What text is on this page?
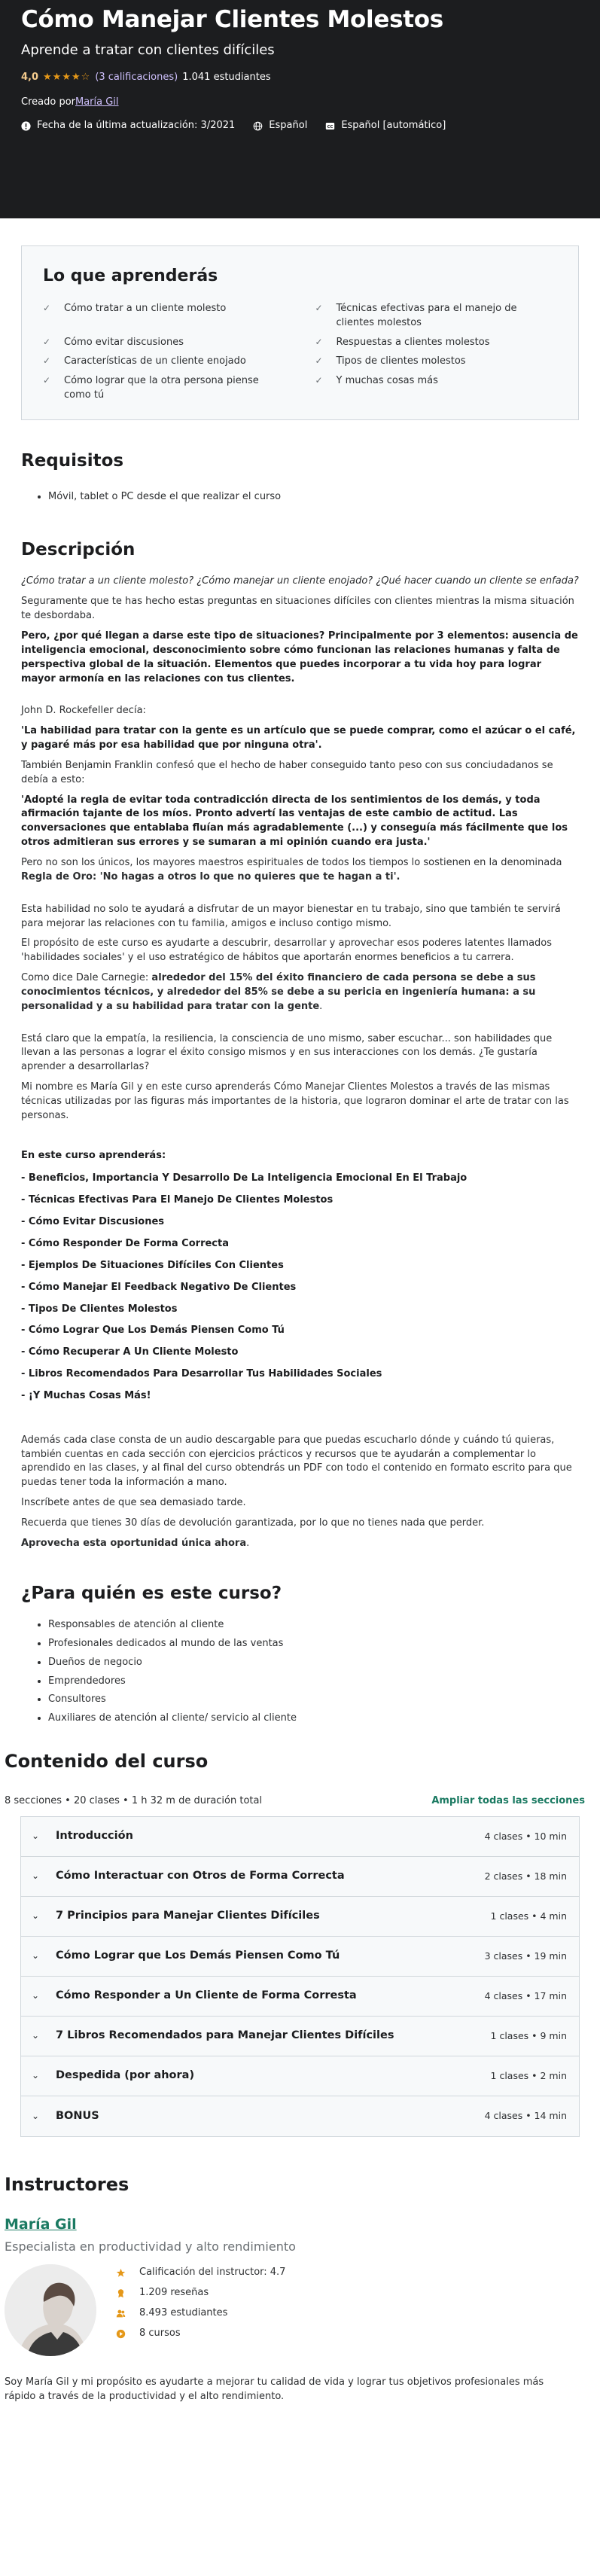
Cómo Manejar Clientes Molestos
Aprende a tratar con clientes difíciles
4,0 ★★★★☆ (3 calificaciones) 1.041 estudiantes
Creado porMaría Gil
Fecha de la última actualización: 3/2021	Español	CC Español [automático]
Lo que aprenderás
✓ Cómo tratar a un cliente molesto	✓ Técnicas efectivas para el manejo de clientes molestos
✓ Cómo evitar discusiones	✓ Respuestas a clientes molestos
✓ Características de un cliente enojado	✓ Tipos de clientes molestos
✓ Cómo lograr que la otra persona piense como tú
✓ Y muchas cosas más
Requisitos
• Móvil, tablet o PC desde el que realizar el curso
Descripción

¿Cómo tratar a un cliente molesto? ¿Cómo manejar un cliente enojado? ¿Qué hacer cuando un cliente se enfada?

Seguramente que te has hecho estas preguntas en situaciones difíciles con clientes mientras la misma situación te desbordaba.

Pero, ¿por qué llegan a darse este tipo de situaciones? Principalmente por 3 elementos: ausencia de inteligencia emocional, desconocimiento sobre cómo funcionan las relaciones humanas y falta de perspectiva global de la situación. Elementos que puedes incorporar a tu vida hoy para lograr mayor armonía en las relaciones con tus clientes.

John D. Rockefeller decía:

'La habilidad para tratar con la gente es un artículo que se puede comprar, como el azúcar o el café, y pagaré más por esa habilidad que por ninguna otra'.

También Benjamin Franklin confesó que el hecho de haber conseguido tanto peso con sus conciudadanos se debía a esto:

'Adopté la regla de evitar toda contradicción directa de los sentimientos de los demás, y toda afirmación tajante de los míos. Pronto advertí las ventajas de este cambio de actitud. Las conversaciones que entablaba fluían más agradablemente (...) y conseguía más fácilmente que los otros admitieran sus errores y se sumaran a mi opinión cuando era justa.'

Pero no son los únicos, los mayores maestros espirituales de todos los tiempos lo sostienen en la denominada Regla de Oro: 'No hagas a otros lo que no quieres que te hagan a ti'.

Esta habilidad no solo te ayudará a disfrutar de un mayor bienestar en tu trabajo, sino que también te servirá para mejorar las relaciones con tu familia, amigos e incluso contigo mismo.

El propósito de este curso es ayudarte a descubrir, desarrollar y aprovechar esos poderes latentes llamados 'habilidades sociales' y el uso estratégico de hábitos que aportarán enormes beneficios a tu carrera.

Como dice Dale Carnegie: alrededor del 15% del éxito financiero de cada persona se debe a sus conocimientos técnicos, y alrededor del 85% se debe a su pericia en ingeniería humana: a su personalidad y a su habilidad para tratar con la gente.

Está claro que la empatía, la resiliencia, la consciencia de uno mismo, saber escuchar... son habilidades que llevan a las personas a lograr el éxito consigo mismos y en sus interacciones con los demás. ¿Te gustaría aprender a desarrollarlas?

Mi nombre es María Gil y en este curso aprenderás Cómo Manejar Clientes Molestos a través de las mismas técnicas utilizadas por las figuras más importantes de la historia, que lograron dominar el arte de tratar con las personas.

En este curso aprenderás:

- Beneficios, Importancia Y Desarrollo De La Inteligencia Emocional En El Trabajo

- Técnicas Efectivas Para El Manejo De Clientes Molestos

- Cómo Evitar Discusiones

- Cómo Responder De Forma Correcta

- Ejemplos De Situaciones Difíciles Con Clientes

- Cómo Manejar El Feedback Negativo De Clientes

- Tipos De Clientes Molestos

- Cómo Lograr Que Los Demás Piensen Como Tú

- Cómo Recuperar A Un Cliente Molesto

- Libros Recomendados Para Desarrollar Tus Habilidades Sociales

- ¡Y Muchas Cosas Más!

Además cada clase consta de un audio descargable para que puedas escucharlo dónde y cuándo tú quieras, también cuentas en cada sección con ejercicios prácticos y recursos que te ayudarán a complementar lo aprendido en las clases, y al final del curso obtendrás un PDF con todo el contenido en formato escrito para que puedas tener toda la información a mano.

Inscríbete antes de que sea demasiado tarde.

Recuerda que tienes 30 días de devolución garantizada, por lo que no tienes nada que perder.

Aprovecha esta oportunidad única ahora.

¿Para quién es este curso?
• Responsables de atención al cliente
• Profesionales dedicados al mundo de las ventas
• Dueños de negocio
• Emprendedores
• Consultores
• Auxiliares de atención al cliente/ servicio al cliente
Contenido del curso
8 secciones • 20 clases • 1 h 32 m de duración total	Ampliar todas las secciones
⌄ Introducción	4 clases • 10 min
⌄ Cómo Interactuar con Otros de Forma Correcta	2 clases • 18 min
⌄ 7 Principios para Manejar Clientes Difíciles	1 clases • 4 min
⌄ Cómo Lograr que Los Demás Piensen Como Tú	3 clases • 19 min
⌄ Cómo Responder a Un Cliente de Forma Corresta	4 clases • 17 min
⌄ 7 Libros Recomendados para Manejar Clientes Difíciles	1 clases • 9 min
⌄ Despedida (por ahora)	1 clases • 2 min
⌄ BONUS	4 clases • 14 min
Instructores
María Gil
Especialista en productividad y alto rendimiento
Calificación del instructor: 4.7
1.209 reseñas
8.493 estudiantes
8 cursos
Soy María Gil y mi propósito es ayudarte a mejorar tu calidad de vida y lograr tus objetivos profesionales más rápido a través de la productividad y el alto rendimiento.
